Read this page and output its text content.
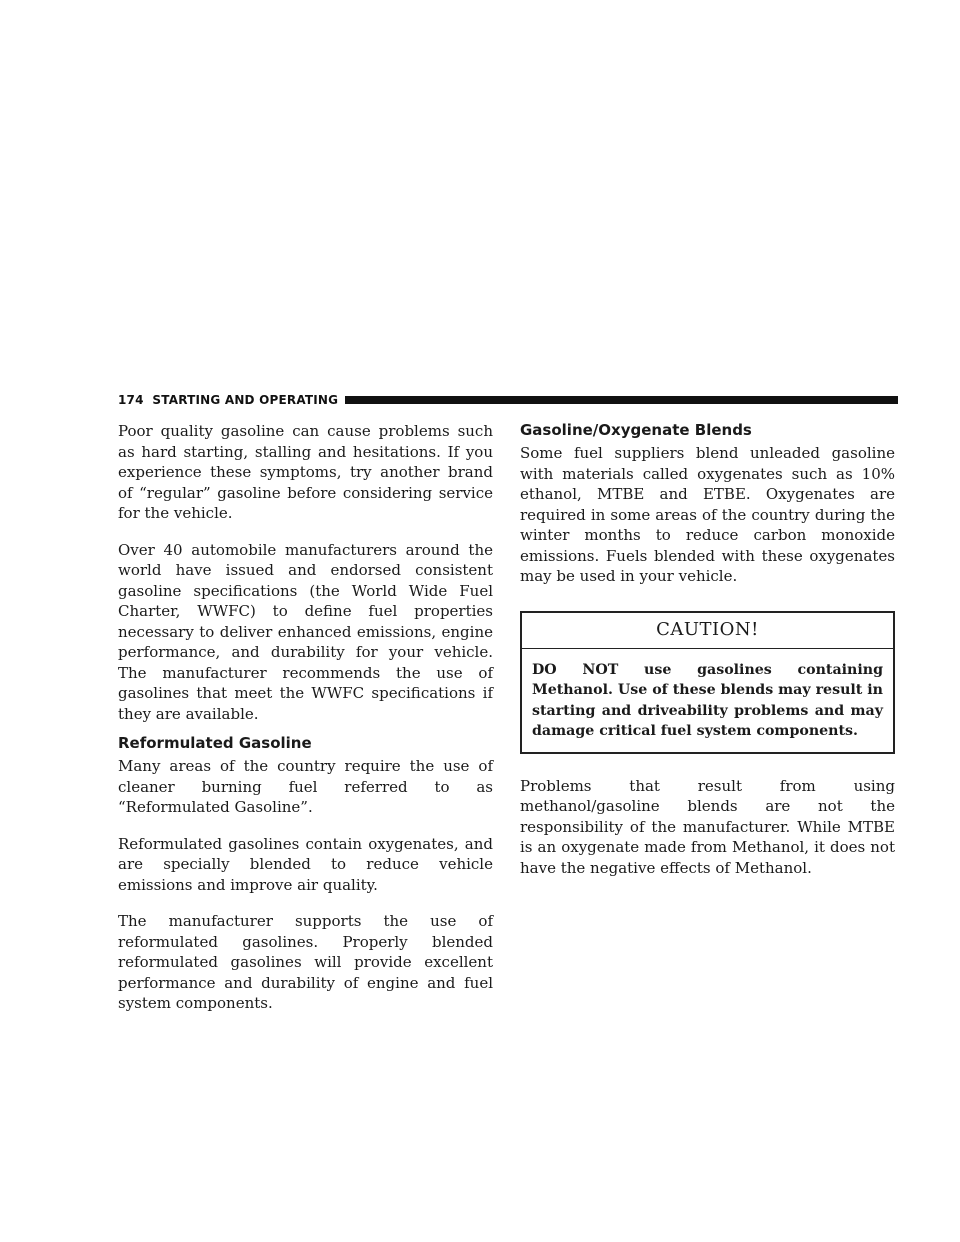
174 STARTING AND OPERATING

Poor quality gasoline can cause problems such as hard starting, stalling and hesitations. If you experience these symptoms, try another brand of “regular” gasoline before considering service for the vehicle.

Over 40 automobile manufacturers around the world have issued and endorsed consistent gasoline specifications (the World Wide Fuel Charter, WWFC) to define fuel properties necessary to deliver enhanced emissions, engine performance, and durability for your vehicle. The manufacturer recommends the use of gasolines that meet the WWFC specifications if they are available.

Reformulated Gasoline

Many areas of the country require the use of cleaner burning fuel referred to as “Reformulated Gasoline”.

Reformulated gasolines contain oxygenates, and are specially blended to reduce vehicle emissions and improve air quality.

The manufacturer supports the use of reformulated gasolines. Properly blended reformulated gasolines will provide excellent performance and durability of engine and fuel system components.

Gasoline/Oxygenate Blends

Some fuel suppliers blend unleaded gasoline with materials called oxygenates such as 10% ethanol, MTBE and ETBE. Oxygenates are required in some areas of the country during the winter months to reduce carbon monoxide emissions. Fuels blended with these oxygenates may be used in your vehicle.

CAUTION!
DO NOT use gasolines containing Methanol. Use of these blends may result in starting and driveability problems and may damage critical fuel system components.

Problems that result from using methanol/gasoline blends are not the responsibility of the manufacturer. While MTBE is an oxygenate made from Methanol, it does not have the negative effects of Methanol.
